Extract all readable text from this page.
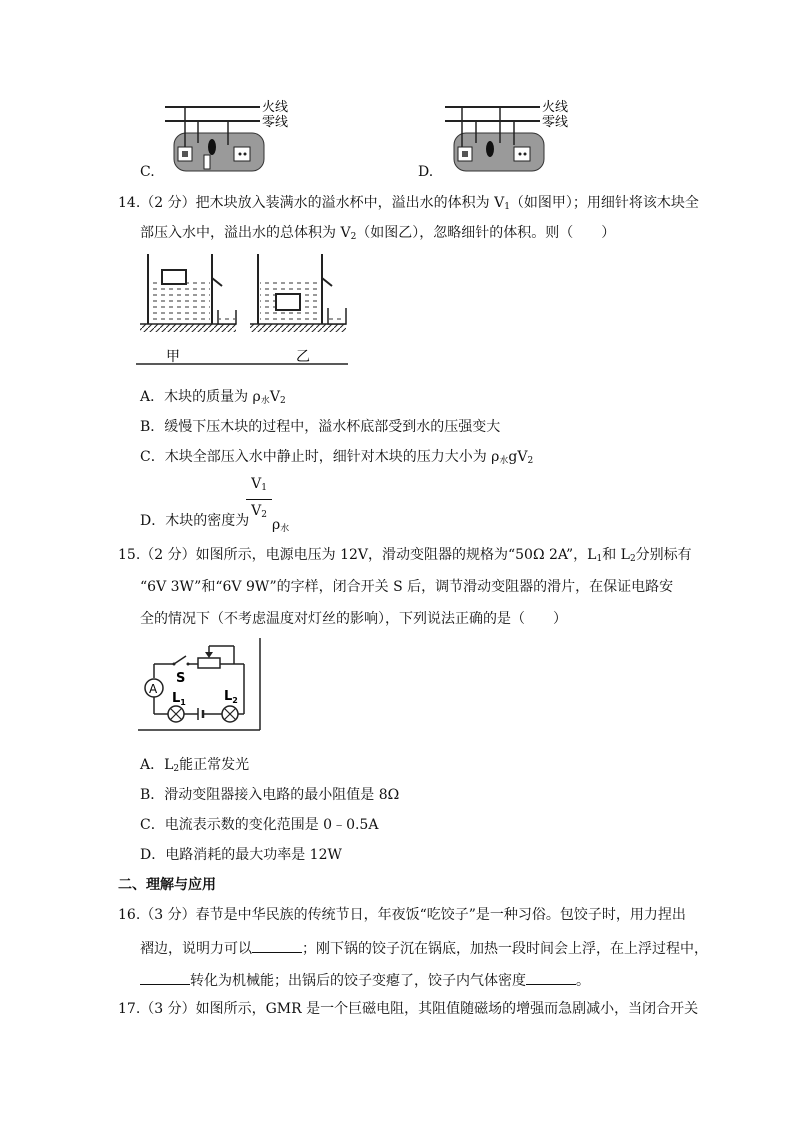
C.	D.
火线
零线
火线
零线
14.（2 分）把木块放入装满水的溢水杯中，溢出水的体积为 $V_1$（如图甲）；用细针将该木块全
部压入水中，溢出水的总体积为 $V_2$（如图乙），忽略细针的体积。则（　　）
甲	乙
A．木块的质量为 $\rho_水V_2$
B．缓慢下压木块的过程中，溢水杯底部受到水的压强变大
C．木块全部压入水中静止时，细针对木块的压力大小为 $\rho_水gV_2$
D．木块的密度为
$V_1$
$V_2$
$\rho_水$
15.（2 分）如图所示，电源电压为 12V，滑动变阻器的规格为“50Ω 2A”，$L_1$和 $L_2$分别标有
“6V 3W”和“6V 9W”的字样，闭合开关 S 后，调节滑动变阻器的滑片，在保证电路安
全的情况下（不考虑温度对灯丝的影响），下列说法正确的是（　　）
A
S
$L_1$	$L_2$
A．$L_2$能正常发光
B．滑动变阻器接入电路的最小阻值是 8Ω
C．电流表示数的变化范围是 0﹣0.5A
D．电路消耗的最大功率是 12W
二、理解与应用
16.（3 分）春节是中华民族的传统节日，年夜饭“吃饺子”是一种习俗。包饺子时，用力捏出
褶边，说明力可以	；刚下锅的饺子沉在锅底，加热一段时间会上浮，在上浮过程中，
转化为机械能；出锅后的饺子变瘪了，饺子内气体密度	。
17.（3 分）如图所示，GMR 是一个巨磁电阻，其阻值随磁场的增强而急剧减小，当闭合开关
